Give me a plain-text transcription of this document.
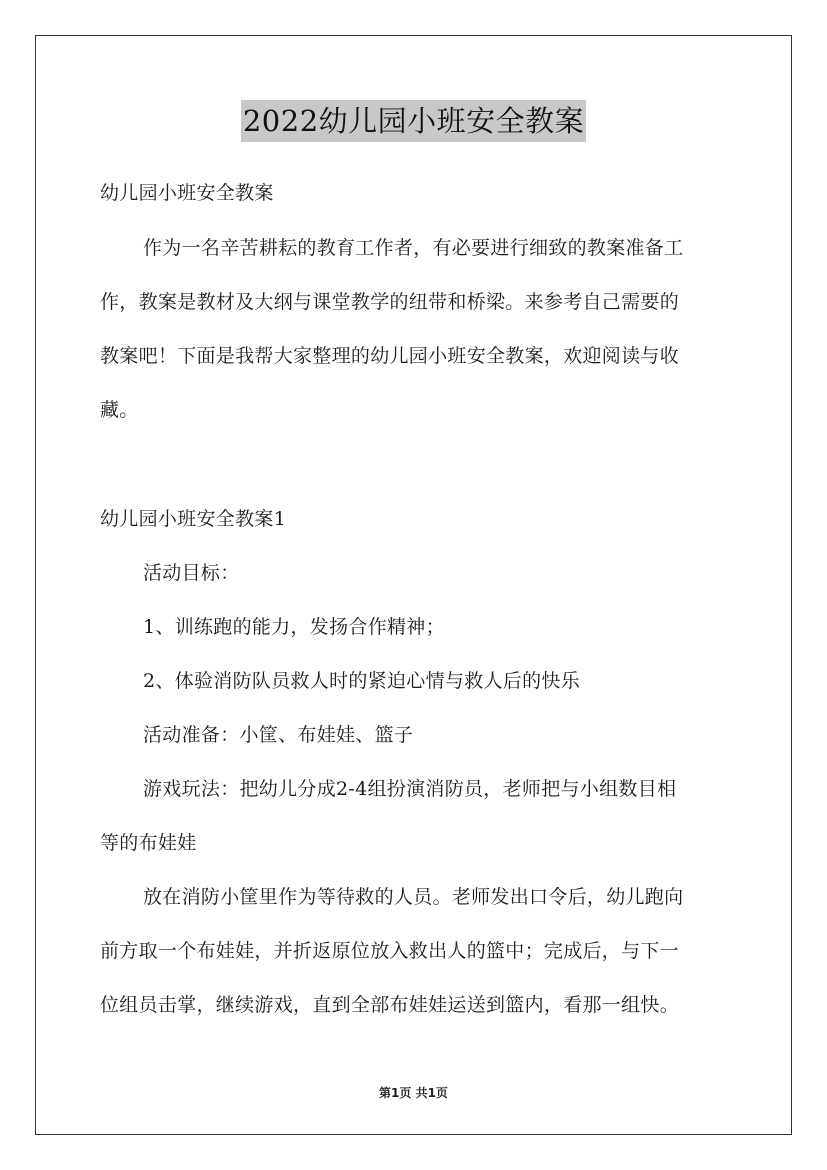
2022幼儿园小班安全教案
幼儿园小班安全教案
作为一名辛苦耕耘的教育工作者，有必要进行细致的教案准备工
作，教案是教材及大纲与课堂教学的纽带和桥梁。来参考自己需要的
教案吧！下面是我帮大家整理的幼儿园小班安全教案，欢迎阅读与收
藏。
幼儿园小班安全教案1
活动目标：
1、训练跑的能力，发扬合作精神；
2、体验消防队员救人时的紧迫心情与救人后的快乐
活动准备：小筐、布娃娃、篮子
游戏玩法：把幼儿分成2-4组扮演消防员，老师把与小组数目相
等的布娃娃
放在消防小筐里作为等待救的人员。老师发出口令后，幼儿跑向
前方取一个布娃娃，并折返原位放入救出人的篮中；完成后，与下一
位组员击掌，继续游戏，直到全部布娃娃运送到篮内，看那一组快。
第1页 共1页
